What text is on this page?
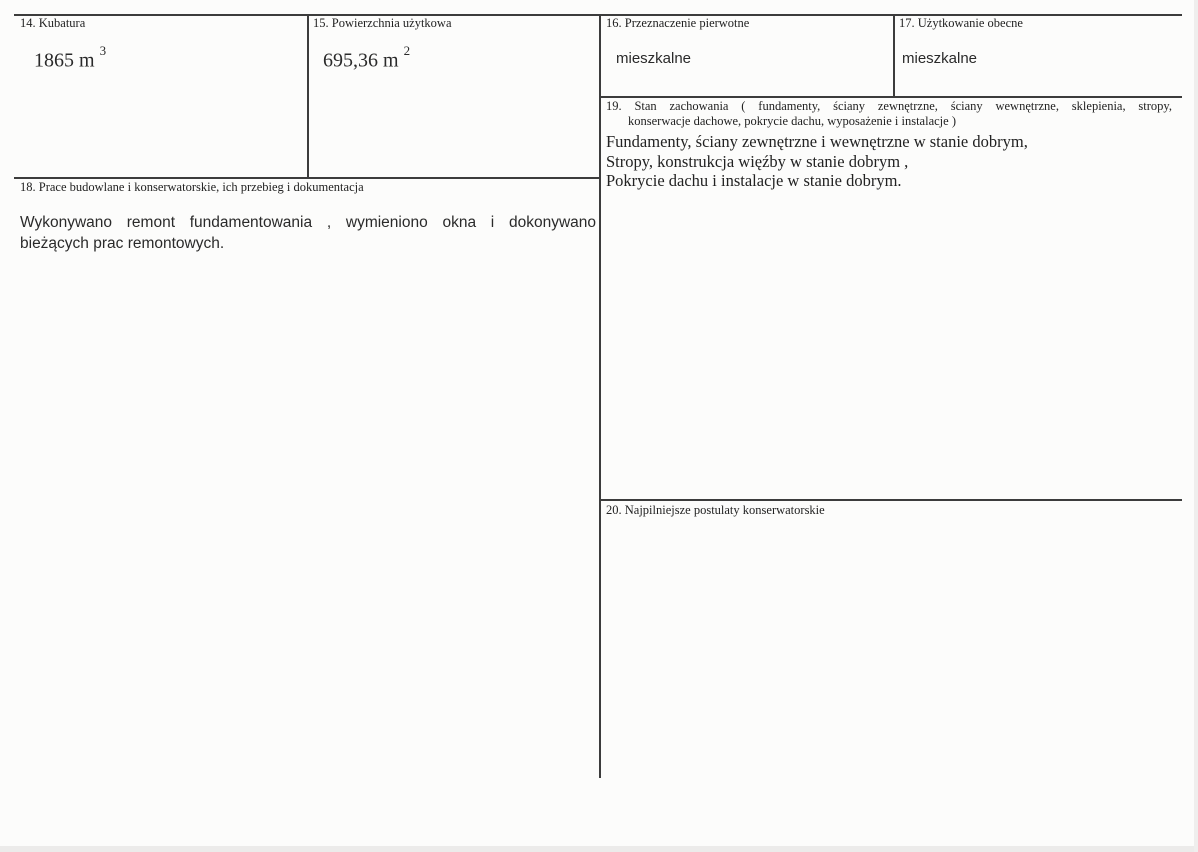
14. Kubatura
1865 m $^3$
15. Powierzchnia użytkowa
695,36 m $^2$
16. Przeznaczenie pierwotne
mieszkalne
17. Użytkowanie obecne
mieszkalne
18. Prace budowlane i konserwatorskie, ich przebieg i dokumentacja
Wykonywano remont fundamentowania , wymieniono okna i dokonywano
bieżących prac remontowych.
19. Stan zachowania ( fundamenty, ściany zewnętrzne, ściany wewnętrzne, sklepienia, stropy,
konserwacje dachowe, pokrycie dachu, wyposażenie i instalacje )
Fundamenty, ściany zewnętrzne i wewnętrzne w stanie dobrym,
Stropy, konstrukcja więźby w stanie dobrym ,
Pokrycie dachu i instalacje w stanie dobrym.
20. Najpilniejsze postulaty konserwatorskie
